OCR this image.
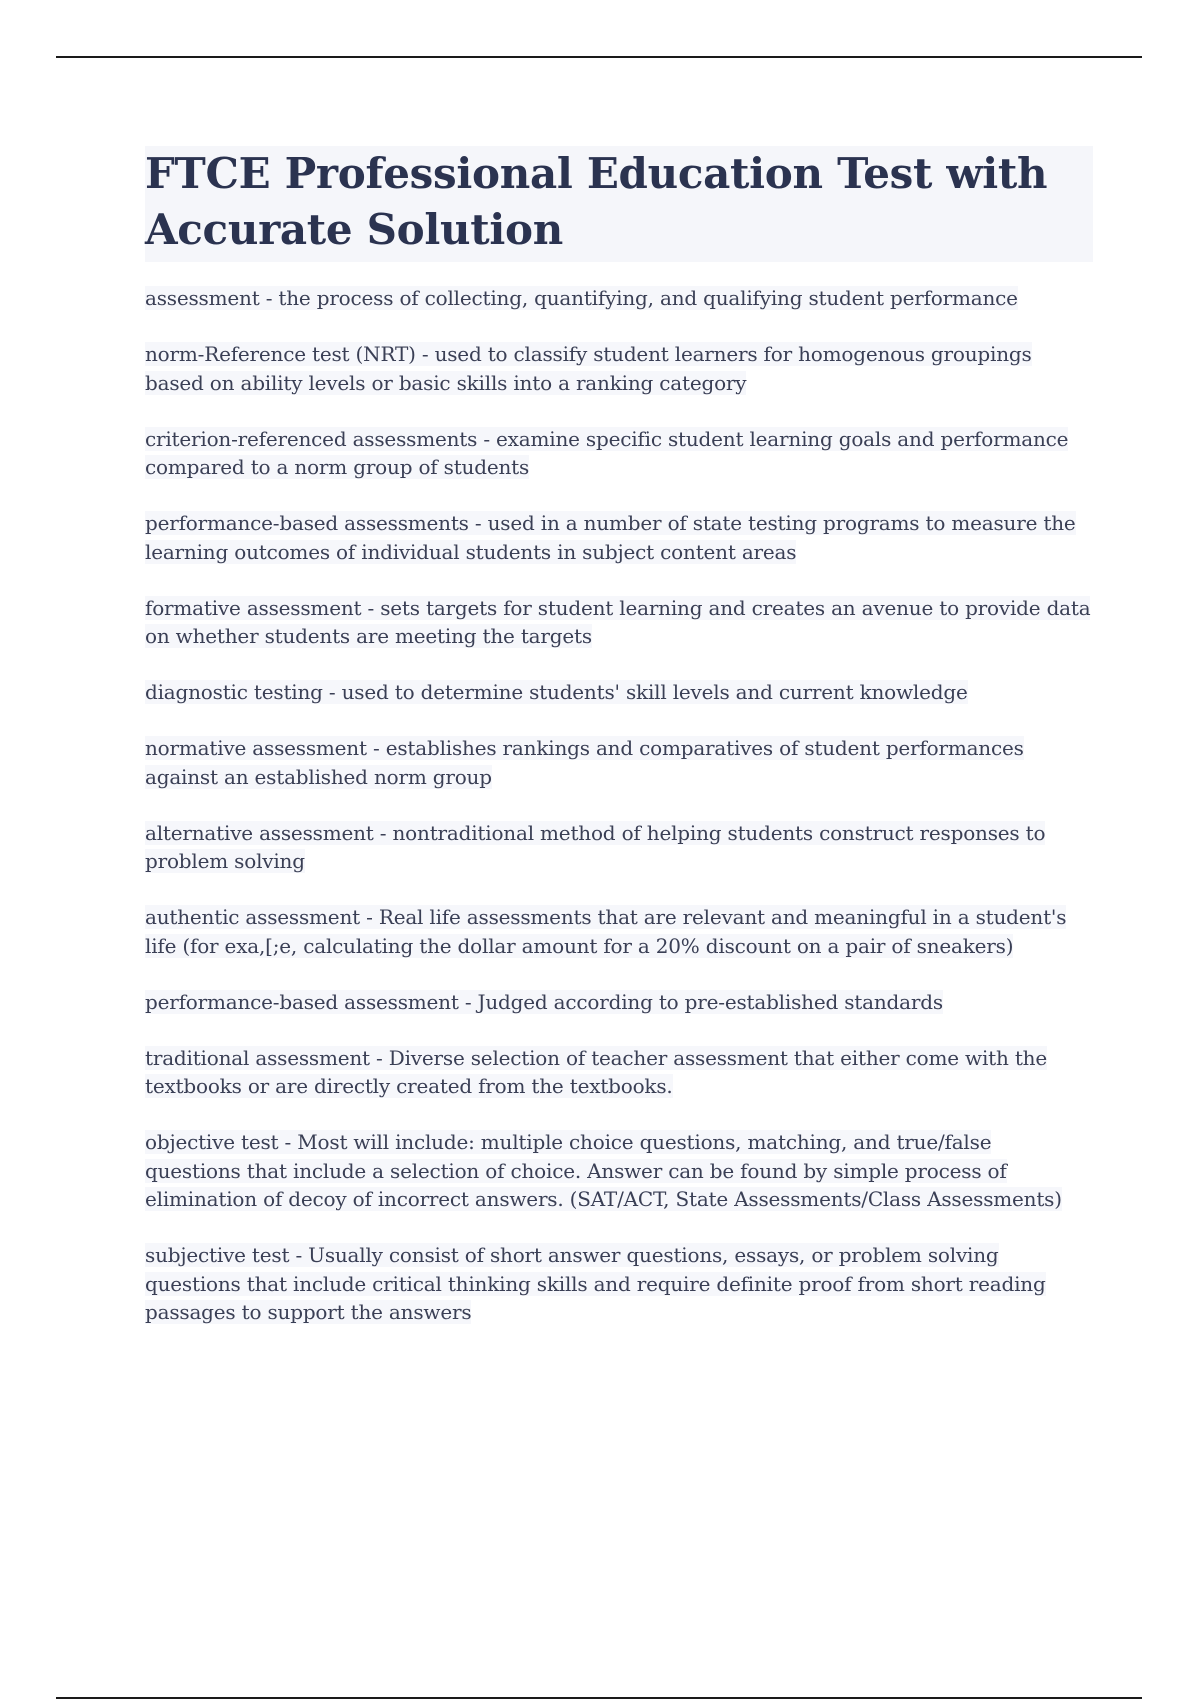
FTCE Professional Education Test with Accurate Solution
assessment - the process of collecting, quantifying, and qualifying student performance
norm-Reference test (NRT) - used to classify student learners for homogenous groupings based on ability levels or basic skills into a ranking category
criterion-referenced assessments - examine specific student learning goals and performance compared to a norm group of students
performance-based assessments - used in a number of state testing programs to measure the learning outcomes of individual students in subject content areas
formative assessment - sets targets for student learning and creates an avenue to provide data on whether students are meeting the targets
diagnostic testing - used to determine students' skill levels and current knowledge
normative assessment - establishes rankings and comparatives of student performances against an established norm group
alternative assessment - nontraditional method of helping students construct responses to problem solving
authentic assessment - Real life assessments that are relevant and meaningful in a student's life (for exa,[;e, calculating the dollar amount for a 20% discount on a pair of sneakers)
performance-based assessment - Judged according to pre-established standards
traditional assessment - Diverse selection of teacher assessment that either come with the textbooks or are directly created from the textbooks.
objective test - Most will include: multiple choice questions, matching, and true/false questions that include a selection of choice. Answer can be found by simple process of elimination of decoy of incorrect answers. (SAT/ACT, State Assessments/Class Assessments)
subjective test - Usually consist of short answer questions, essays, or problem solving questions that include critical thinking skills and require definite proof from short reading passages to support the answers
